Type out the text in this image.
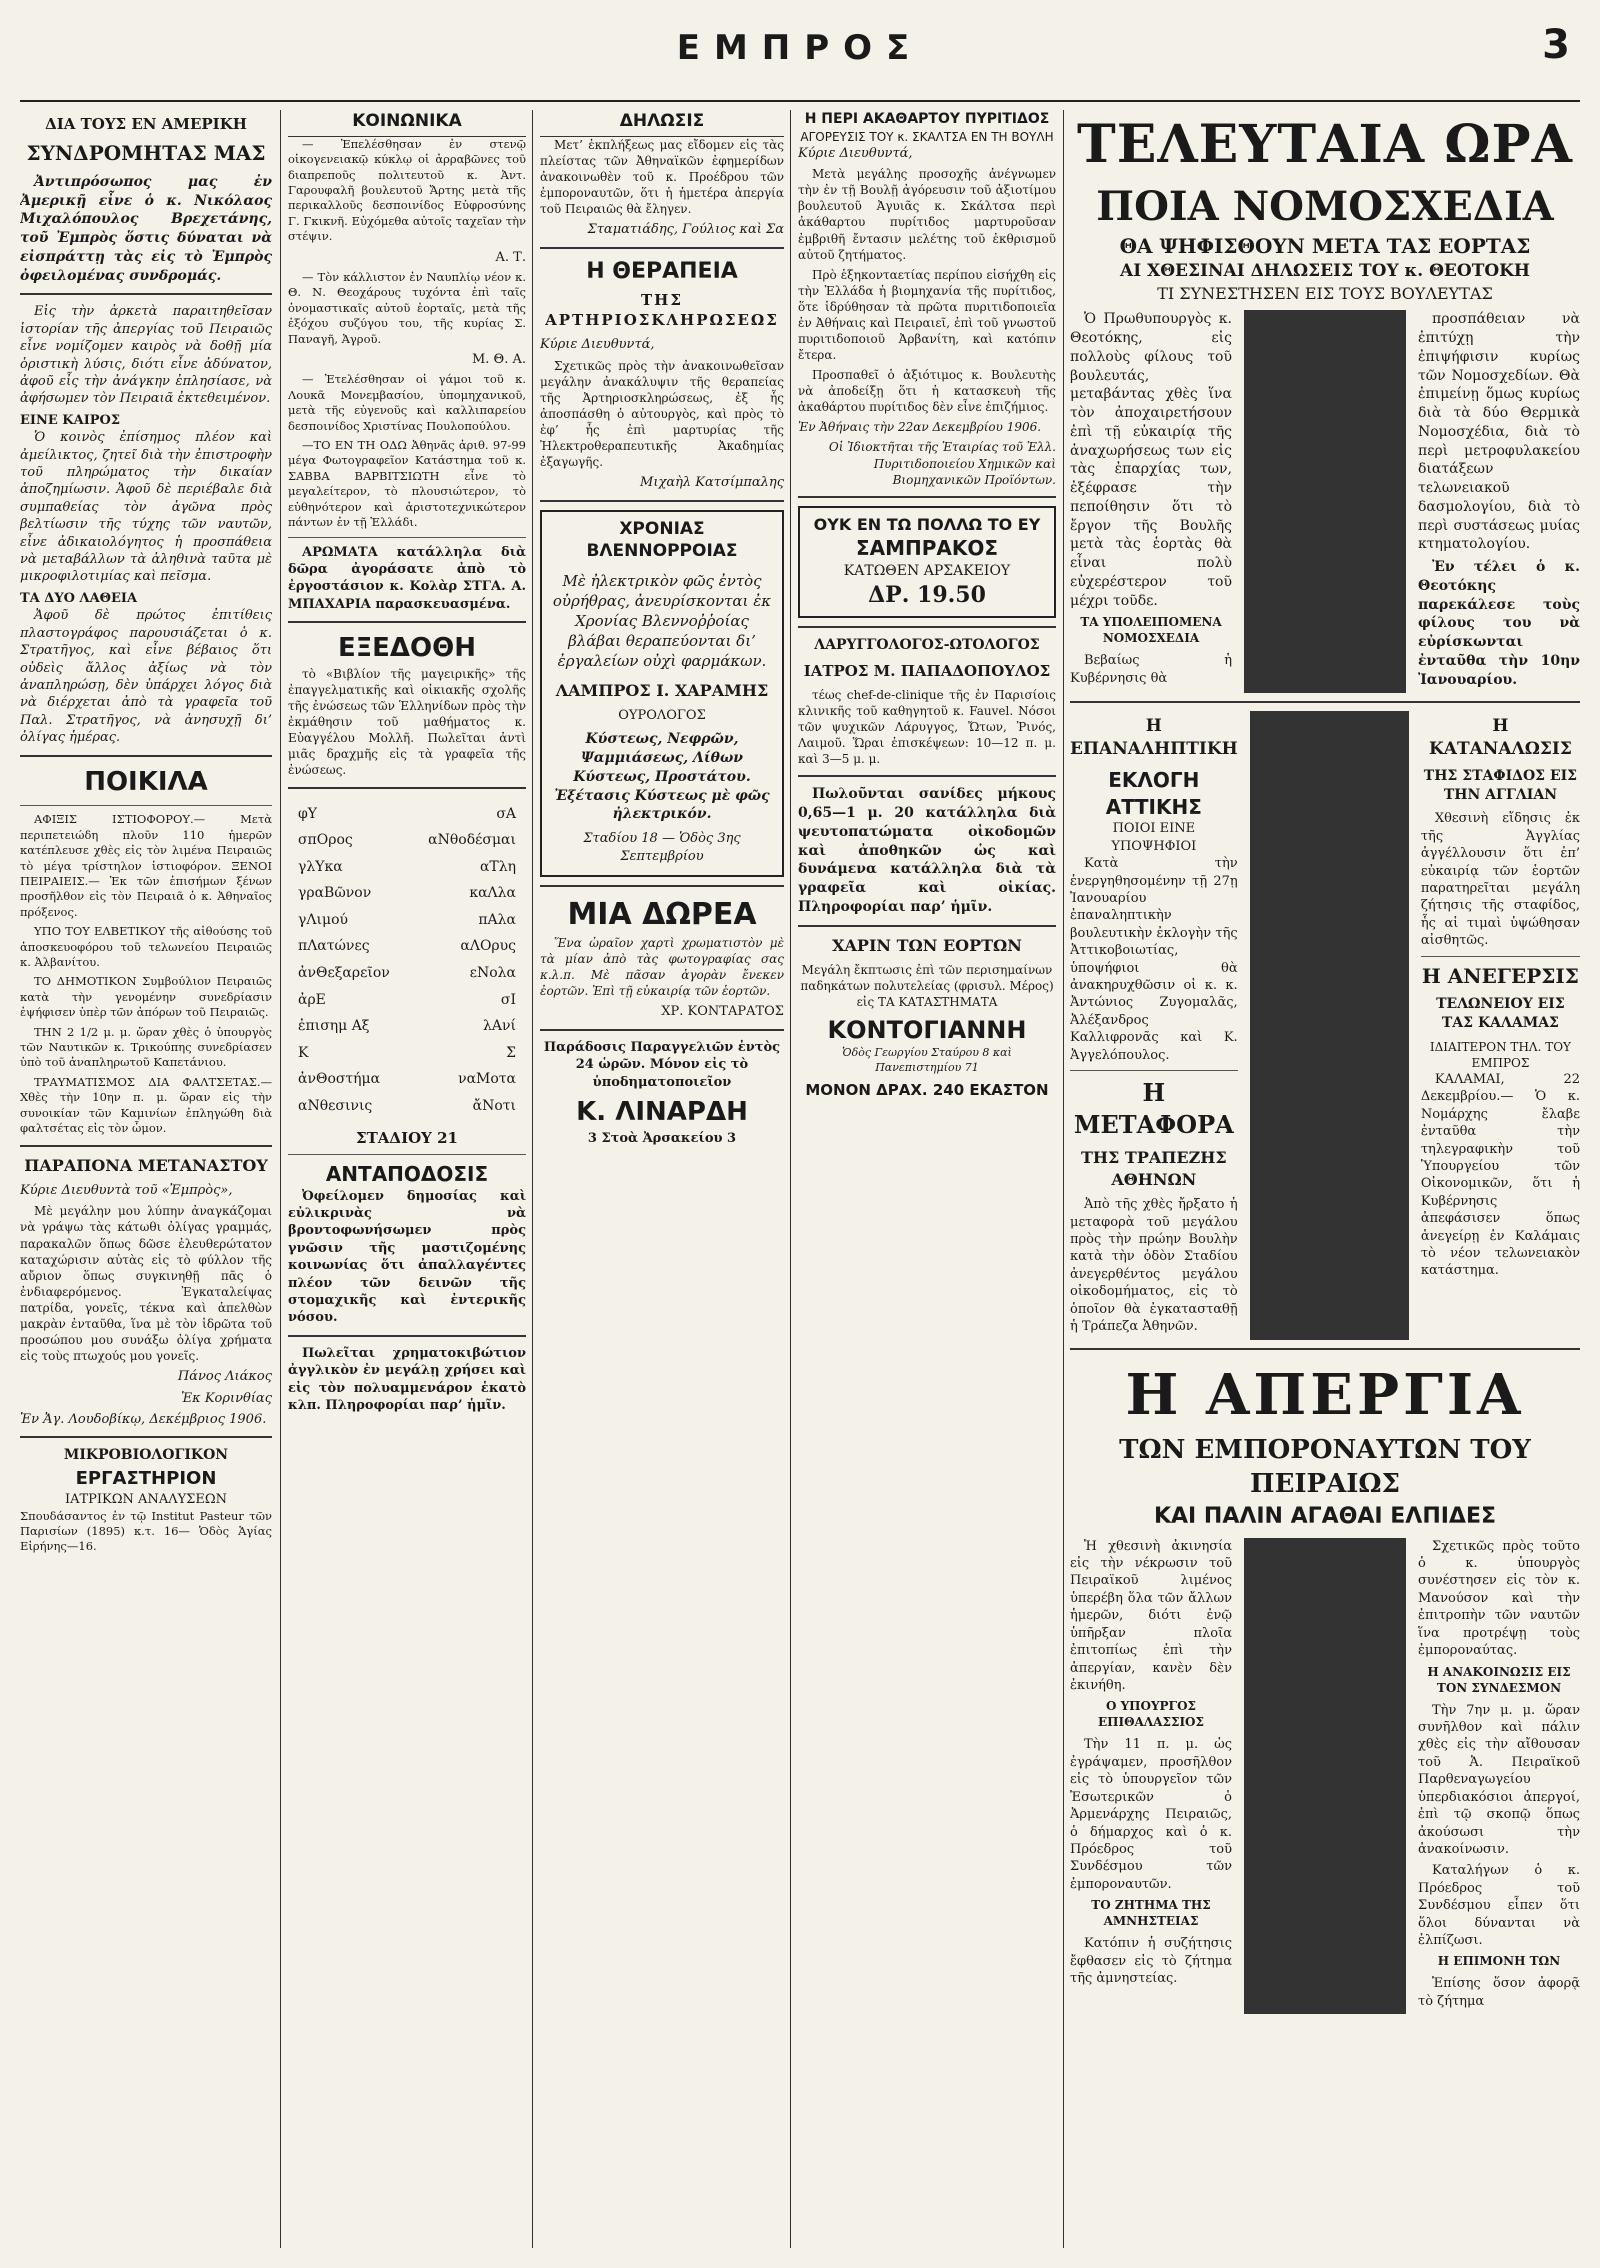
ΕΜΠΡΟΣ	3
ΔΙΑ ΤΟΥΣ ΕΝ ΑΜΕΡΙΚΗ
ΣΥΝΔΡΟΜΗΤΑΣ ΜΑΣ
Ἀντιπρόσωπος μας ἐν Ἀμερικῇ εἶνε ὁ κ. Νικόλαος Μιχαλόπουλος Βρεχετάνης, τοῦ Ἐμπρὸς ὅστις δύναται νὰ εἰσπράττῃ τὰς εἰς τὸ Ἐμπρὸς ὀφειλομένας συνδρομάς.

Εἰς τὴν ἀρκετὰ παραιτηθεῖσαν ἱστορίαν τῆς ἀπεργίας τοῦ Πειραιῶς εἶνε νομίζομεν καιρὸς νὰ δοθῇ μία ὁριστικὴ λύσις, διότι εἶνε ἀδύνατον, ἀφοῦ εἶς τὴν ἀνάγκην ἐπλησίασε, νὰ ἀφήσωμεν τὸν Πειραιᾶ ἐκτεθειμένον.

ΕΙΝΕ ΚΑΙΡΟΣ

Ὁ κοινὸς ἐπίσημος πλέον καὶ ἀμείλικτος, ζητεῖ διὰ τὴν ἐπιστροφὴν τοῦ πληρώματος τὴν δικαίαν ἀποζημίωσιν. Ἀφοῦ δὲ περιέβαλε διὰ συμπαθείας τὸν ἀγῶνα πρὸς βελτίωσιν τῆς τύχης τῶν ναυτῶν, εἶνε ἀδικαιολόγητος ἡ προσπάθεια νὰ μεταβάλλων τὰ ἀληθινὰ ταῦτα μὲ μικροφιλοτιμίας καὶ πεῖσμα.

ΤΑ ΔΥΟ ΛΑΘΕΙΑ

Ἀφοῦ δὲ πρώτος ἐπιτίθεις πλαστογράφος παρουσιάζεται ὁ κ. Στρατῆγος, καὶ εἶνε βέβαιος ὅτι οὐδεὶς ἄλλος ἀξίως νὰ τὸν ἀναπληρώσῃ, δὲν ὑπάρχει λόγος διὰ νὰ διέρχεται ἀπὸ τὰ γραφεῖα τοῦ Παλ. Στρατῆγος, νὰ ἀνησυχῇ δι’ ὀλίγας ἡμέρας.

ΠΟΙΚΙΛΑ

ΑΦΙΞΙΣ ΙΣΤΙΟΦΟΡΟΥ.— Μετὰ περιπετειώδη πλοῦν 110 ἡμερῶν κατέπλευσε χθὲς εἰς τὸν λιμένα Πειραιῶς τὸ μέγα τρίστηλον ἱστιοφόρον. ΞΕΝΟΙ ΠΕΙΡΑΙΕΙΣ.— Ἐκ τῶν ἐπισήμων ξένων προσῆλθον εἰς τὸν Πειραιᾶ ὁ κ. Ἀθηναῖος πρόξενος.

ΥΠΟ ΤΟΥ ΕΛΒΕΤΙΚΟΥ τῆς αἰθούσης τοῦ ἀποσκευοφόρου τοῦ τελωνείου Πειραιῶς κ. Ἀλβανίτου.

ΤΟ ΔΗΜΟΤΙΚΟΝ Συμβούλιον Πειραιῶς κατὰ τὴν γενομένην συνεδρίασιν ἐψήφισεν ὑπὲρ τῶν ἀπόρων τοῦ Πειραιῶς.

ΤΗΝ 2 1/2 μ. μ. ὥραν χθὲς ὁ ὑπουργὸς τῶν Ναυτικῶν κ. Τρικούπης συνεδρίασεν ὑπὸ τοῦ ἀναπληρωτοῦ Καπετάνιου.

ΤΡΑΥΜΑΤΙΣΜΟΣ ΔΙΑ ΦΑΛΤΣΕΤΑΣ.— Χθὲς τὴν 10ην π. μ. ὥραν εἰς τὴν συνοικίαν τῶν Καμινίων ἐπληγώθη διὰ φαλτσέτας εἰς τὸν ὦμον.

ΠΑΡΑΠΟΝΑ ΜΕΤΑΝΑΣΤΟΥ

Κύριε Διευθυντὰ τοῦ «Ἐμπρὸς»,

Μὲ μεγάλην μου λύπην ἀναγκάζομαι νὰ γράψω τὰς κάτωθι ὀλίγας γραμμάς, παρακαλῶν ὅπως δῶσε ἐλευθερώτατον καταχώρισιν αὐτὰς εἰς τὸ φύλλον τῆς αὔριον ὅπως συγκινηθῇ πᾶς ὁ ἐνδιαφερόμενος. Ἐγκαταλείψας πατρίδα, γονεῖς, τέκνα καὶ ἀπελθὼν μακρὰν ἐνταῦθα, ἵνα μὲ τὸν ἱδρῶτα τοῦ προσώπου μου συνάξω ὀλίγα χρήματα εἰς τοὺς πτωχούς μου γονεῖς.

Πάνος Λιάκος

Ἐκ Κορινθίας

Ἐν Ἀγ. Λουδοβίκῳ, Δεκέμβριος 1906.

ΜΙΚΡΟΒΙΟΛΟΓΙΚΟΝ
ΕΡΓΑΣΤΗΡΙΟΝ
ΙΑΤΡΙΚΩΝ ΑΝΑΛΥΣΕΩΝ

Σπουδάσαντος ἐν τῷ Institut Pasteur τῶν Παρισίων (1895) κ.τ. 16— Ὁδὸς Ἁγίας Εἰρήνης—16.

ΚΟΙΝΩΝΙΚΑ

— Ἐπελέσθησαν ἐν στενῷ οἰκογενειακῷ κύκλῳ οἱ ἀρραβῶνες τοῦ διαπρεποῦς πολιτευτοῦ κ. Ἀντ. Γαρουφαλῆ βουλευτοῦ Ἄρτης μετὰ τῆς περικαλλοῦς δεσποινίδος Εὐφροσύνης Γ. Γκικνῆ. Εὐχόμεθα αὐτοῖς ταχεῖαν τὴν στέψιν.

Α. Τ.

— Τὸν κάλλιστον ἐν Ναυπλίῳ νέον κ. Θ. Ν. Θεοχάρους τυχόντα ἐπὶ ταῖς ὀνομαστικαῖς αὐτοῦ ἑορταῖς, μετὰ τῆς ἐξόχου συζύγου του, τῆς κυρίας Σ. Παναγῆ, Ἀγροῦ.

Μ. Θ. Α.

— Ἐτελέσθησαν οἱ γάμοι τοῦ κ. Λουκᾶ Μονεμβασίου, ὑπομηχανικοῦ, μετὰ τῆς εὐγενοῦς καὶ καλλιπαρείου δεσποινίδος Χριστίνας Πουλοπούλου.

—ΤΟ ΕΝ ΤΗ ΟΔΩ Ἀθηνᾶς ἀριθ. 97-99 μέγα Φωτογραφεῖον Κατάστημα τοῦ κ. ΣΑΒΒΑ ΒΑΡΒΙΤΣΙΩΤΗ εἶνε τὸ μεγαλείτερον, τὸ πλουσιώτερον, τὸ εὐθηνότερον καὶ ἀριστοτεχνικώτερον πάντων ἐν τῇ Ἑλλάδι.

ΑΡΩΜΑΤΑ κατάλληλα διὰ δῶρα ἀγοράσατε ἀπὸ τὸ ἐργοστάσιον κ. Κολὰρ ΣΤΓΑ. Α. ΜΠΑΧΑΡΙΑ παρασκευασμένα.

ΕΞΕΔΟΘΗ

τὸ «Βιβλίον τῆς μαγειρικῆς» τῆς ἐπαγγελματικῆς καὶ οἰκιακῆς σχολῆς τῆς ἐνώσεως τῶν Ἑλληνίδων πρὸς τὴν ἐκμάθησιν τοῦ μαθήματος κ. Εὐαγγέλου Μολλῆ. Πωλεῖται ἀντὶ μιᾶς δραχμῆς εἰς τὰ γραφεῖα τῆς ἐνώσεως.

φΥ	σΑ
σπΟρος	αΝθοδέσμαι
γλΥκα	αΤλη
γραΒῶνον	καΛλα
γΛιμού	πΑλα
πΛατώνες	αΛΟρυς
ἀνΘεξαρεῖον	εΝολα
ἀρΕ	σΙ
ἐπισημ Αξ	λΑνί
Κ	Σ
ἀνΘοστήμα	ναΜοτα
αΝθεσινις	ἄΝοτι
ΣΤΑΔΙΟΥ 21
ΑΝΤΑΠΟΔΟΣΙΣ

Ὀφείλομεν δημοσίας καὶ εὐλικρινὰς νὰ βροντοφωνήσωμεν πρὸς γνῶσιν τῆς μαστιζομένης κοινωνίας ὅτι ἀπαλλαγέντες πλέον τῶν δεινῶν τῆς στομαχικῆς καὶ ἐντερικῆς νόσου.

Πωλεῖται χρηματοκιβώτιον ἀγγλικὸν ἐν μεγάλῃ χρήσει καὶ εἰς τὸν πολυαμμενάρον ἑκατὸ κλπ. Πληροφορίαι παρ’ ἡμῖν.

ΔΗΛΩΣΙΣ

Μετ’ ἐκπλήξεως μας εἴδομεν εἰς τὰς πλείστας τῶν Ἀθηναϊκῶν ἐφημερίδων ἀνακοινωθὲν τοῦ κ. Προέδρου τῶν ἐμποροναυτῶν, ὅτι ἡ ἡμετέρα ἀπεργία τοῦ Πειραιῶς θὰ ἔληγεν.

Σταματιάδης, Γούλιος καὶ Σα

Η ΘΕΡΑΠΕΙΑ
ΤΗΣ ΑΡΤΗΡΙΟΣΚΛΗΡΩΣΕΩΣ

Κύριε Διευθυντά,

Σχετικῶς πρὸς τὴν ἀνακοινωθεῖσαν μεγάλην ἀνακάλυψιν τῆς θεραπείας τῆς Ἀρτηριοσκληρώσεως, ἐξ ἧς ἀποσπάσθη ὁ αὐτουργὸς, καὶ πρὸς τὸ ἐφ’ ἧς ἐπὶ μαρτυρίας τῆς Ἠλεκτροθεραπευτικῆς Ἀκαδημίας ἐξαγωγῆς.

Μιχαὴλ Κατσίμπαλης

ΧΡΟΝΙΑΣ
ΒΛΕΝΝΟΡΡΟΙΑΣ

Μὲ ἠλεκτρικὸν φῶς ἐντὸς οὐρήθρας, ἀνευρίσκονται ἐκ Χρονίας Βλεννοῤῥοίας βλάβαι θεραπεύονται δι’ ἐργαλείων οὐχὶ φαρμάκων.

ΛΑΜΠΡΟΣ Ι. ΧΑΡΑΜΗΣ
ΟΥΡΟΛΟΓΟΣ

Κύστεως, Νεφρῶν, Ψαμμιάσεως, Λίθων Κύστεως, Προστάτου. Ἐξέτασις Κύστεως μὲ φῶς ἠλεκτρικόν.

Σταδίου 18 — Ὁδὸς 3ης Σεπτεμβρίου

ΜΙΑ ΔΩΡΕΑ

Ἕνα ὡραῖον χαρτὶ χρωματιστὸν μὲ τὰ μίαν ἀπὸ τὰς φωτογραφίας σας κ.λ.π. Μὲ πᾶσαν ἀγορὰν ἔνεκεν ἐορτῶν. Ἐπὶ τῇ εὐκαιρίᾳ τῶν ἑορτῶν.

ΧΡ. ΚΟΝΤΑΡΑΤΟΣ

Παράδοσις Παραγγελιῶν ἐντὸς 24 ὡρῶν. Μόνον εἰς τὸ ὑποδηματοποιεῖον

Κ. ΛΙΝΑΡΔΗ

3 Στοὰ Ἀρσακείου 3

Η ΠΕΡΙ ΑΚΑΘΑΡΤΟΥ ΠΥΡΙΤΙΔΟΣ
ΑΓΟΡΕΥΣΙΣ ΤΟΥ κ. ΣΚΑΛΤΣΑ ΕΝ ΤΗ ΒΟΥΛΗ

Κύριε Διευθυντά,

Μετὰ μεγάλης προσοχῆς ἀνέγνωμεν τὴν ἐν τῇ Βουλῇ ἀγόρευσιν τοῦ ἀξιοτίμου βουλευτοῦ Ἀγυιᾶς κ. Σκάλτσα περὶ ἀκάθαρτου πυρίτιδος μαρτυροῦσαν ἐμβριθῆ ἔντασιν μελέτης τοῦ ἐκθρισμοῦ αὐτοῦ ζητήματος.

Πρὸ ἑξηκονταετίας περίπου εἰσήχθη εἰς τὴν Ἑλλάδα ἡ βιομηχανία τῆς πυρίτιδος, ὅτε ἱδρύθησαν τὰ πρῶτα πυριτιδοποιεῖα ἐν Ἀθήναις καὶ Πειραιεῖ, ἐπὶ τοῦ γνωστοῦ πυριτιδοποιοῦ Ἀρβανίτη, καὶ κατόπιν ἔτερα.

Προσπαθεῖ ὁ ἀξιότιμος κ. Βουλευτὴς νὰ ἀποδείξῃ ὅτι ἡ κατασκευὴ τῆς ἀκαθάρτου πυρίτιδος δὲν εἶνε ἐπιζήμιος.

Ἐν Ἀθήναις τὴν 22αν Δεκεμβρίου 1906.

Οἱ Ἰδιοκτῆται τῆς Ἑταιρίας τοῦ Ἑλλ. Πυριτιδοποιείου Χημικῶν καὶ Βιομηχανικῶν Προϊόντων.

ΟΥΚ ΕΝ ΤΩ ΠΟΛΛΩ ΤΟ ΕΥ
ΣΑΜΠΡΑΚΟΣ
ΚΑΤΩΘΕΝ ΑΡΣΑΚΕΙΟΥ
ΔΡ. 19.50
ΛΑΡΥΓΓΟΛΟΓΟΣ-ΩΤΟΛΟΓΟΣ
ΙΑΤΡΟΣ Μ. ΠΑΠΑΔΟΠΟΥΛΟΣ

τέως chef-de-clinique τῆς ἐν Παρισίοις κλινικῆς τοῦ καθηγητοῦ κ. Fauvel. Νόσοι τῶν ψυχικῶν Λάρυγγος, Ὤτων, Ῥινός, Λαιμοῦ. Ὥραι ἐπισκέψεων: 10—12 π. μ. καὶ 3—5 μ. μ.

Πωλοῦνται σανίδες μήκους 0,65—1 μ. 20 κατάλληλα διὰ ψευτοπατώματα οἰκοδομῶν καὶ ἀποθηκῶν ὡς καὶ δυνάμενα κατάλληλα διὰ τὰ γραφεῖα καὶ οἰκίας. Πληροφορίαι παρ’ ἡμῖν.

ΧΑΡΙΝ ΤΩΝ ΕΟΡΤΩΝ

Μεγάλη ἔκπτωσις ἐπὶ τῶν περισημαίνων παδηκάτων πολυτελείας (φρισυλ. Μέρος) εἰς ΤΑ ΚΑΤΑΣΤΗΜΑΤΑ

ΚΟΝΤΟΓΙΑΝΝΗ

Ὁδὸς Γεωργίου Σταύρου 8 καὶ Πανεπιστημίου 71

ΜΟΝΟΝ ΔΡΑΧ. 240 ΕΚΑΣΤΟΝ
ΤΕΛΕΥΤΑΙΑ ΩΡΑ
ΠΟΙΑ ΝΟΜΟΣΧΕΔΙΑ
ΘΑ ΨΗΦΙΣΘΟΥΝ ΜΕΤΑ ΤΑΣ ΕΟΡΤΑΣ
ΑΙ ΧΘΕΣΙΝΑΙ ΔΗΛΩΣΕΙΣ ΤΟΥ κ. ΘΕΟΤΟΚΗ
ΤΙ ΣΥΝΕΣΤΗΣΕΝ ΕΙΣ ΤΟΥΣ ΒΟΥΛΕΥΤΑΣ

Ὁ Πρωθυπουργὸς κ. Θεοτόκης, εἰς πολλοὺς φίλους τοῦ βουλευτάς, μεταβάντας χθὲς ἵνα τὸν ἀποχαιρετήσουν ἐπὶ τῇ εὐκαιρίᾳ τῆς ἀναχωρήσεως των εἰς τὰς ἐπαρχίας των, ἐξέφρασε τὴν πεποίθησιν ὅτι τὸ ἔργον τῆς Βουλῆς μετὰ τὰς ἑορτὰς θὰ εἶναι πολὺ εὐχερέστερον τοῦ μέχρι τοῦδε.

ΤΑ ΥΠΟΛΕΙΠΟΜΕΝΑ ΝΟΜΟΣΧΕΔΙΑ

Βεβαίως ἡ Κυβέρνησις θὰ

προσπάθειαν νὰ ἐπιτύχῃ τὴν ἐπιψήφισιν κυρίως τῶν Νομοσχεδίων. Θὰ ἐπιμείνῃ ὅμως κυρίως διὰ τὰ δύο Θερμικὰ Νομοσχέδια, διὰ τὸ περὶ μετροφυλακείου διατάξεων τελωνειακοῦ δασμολογίου, διὰ τὸ περὶ συστάσεως μυίας κτηματολογίου.

Ἐν τέλει ὁ κ. Θεοτόκης παρεκάλεσε τοὺς φίλους του νὰ εὐρίσκωνται ἐνταῦθα τὴν 10ην Ἰανουαρίου.

Η ΕΠΑΝΑΛΗΠΤΙΚΗ
ΕΚΛΟΓΗ ΑΤΤΙΚΗΣ
ΠΟΙΟΙ ΕΙΝΕ ΥΠΟΨΗΦΙΟΙ

Κατὰ τὴν ἐνεργηθησομένην τῇ 27ῃ Ἰανουαρίου ἐπαναληπτικὴν βουλευτικὴν ἐκλογὴν τῆς Ἀττικοβοιωτίας, ὑποψήφιοι θὰ ἀνακηρυχθῶσιν οἱ κ. κ. Ἀντώνιος Ζυγομαλᾶς, Ἀλέξανδρος Καλλιφρονᾶς καὶ Κ. Ἀγγελόπουλος.

Η ΜΕΤΑΦΟΡΑ
ΤΗΣ ΤΡΑΠΕΖΗΣ ΑΘΗΝΩΝ

Ἀπὸ τῆς χθὲς ἤρξατο ἡ μεταφορὰ τοῦ μεγάλου πρὸς τὴν πρώην Βουλὴν κατὰ τὴν ὁδὸν Σταδίου ἀνεγερθέντος μεγάλου οἰκοδομήματος, εἰς τὸ ὁποῖον θὰ ἐγκατασταθῇ ἡ Τράπεζα Ἀθηνῶν.

Η ΚΑΤΑΝΑΛΩΣΙΣ
ΤΗΣ ΣΤΑΦΙΔΟΣ ΕΙΣ ΤΗΝ ΑΓΓΛΙΑΝ

Χθεσινὴ εἴδησις ἐκ τῆς Ἀγγλίας ἀγγέλλουσιν ὅτι ἐπ’ εὐκαιρίᾳ τῶν ἑορτῶν παρατηρεῖται μεγάλη ζήτησις τῆς σταφίδος, ἧς αἱ τιμαὶ ὑψώθησαν αἰσθητῶς.

Η ΑΝΕΓΕΡΣΙΣ
ΤΕΛΩΝΕΙΟΥ ΕΙΣ ΤΑΣ ΚΑΛΑΜΑΣ
ΙΔΙΑΙΤΕΡΟΝ ΤΗΛ. ΤΟΥ ΕΜΠΡΟΣ

ΚΑΛΑΜΑΙ, 22 Δεκεμβρίου.— Ὁ κ. Νομάρχης ἔλαβε ἐνταῦθα τὴν τηλεγραφικὴν τοῦ Ὑπουργείου τῶν Οἰκονομικῶν, ὅτι ἡ Κυβέρνησις ἀπεφάσισεν ὅπως ἀνεγείρῃ ἐν Καλάμαις τὸ νέον τελωνειακὸν κατάστημα.

Η ΑΠΕΡΓΙΑ
ΤΩΝ ΕΜΠΟΡΟΝΑΥΤΩΝ ΤΟΥ ΠΕΙΡΑΙΩΣ
ΚΑΙ ΠΑΛΙΝ ΑΓΑΘΑΙ ΕΛΠΙΔΕΣ

Ἡ χθεσινὴ ἀκινησία εἰς τὴν νέκρωσιν τοῦ Πειραϊκοῦ λιμένος ὑπερέβη ὅλα τῶν ἄλλων ἡμερῶν, διότι ἐνῷ ὑπῆρξαν πλοῖα ἐπιτοπίως ἐπὶ τὴν ἀπεργίαν, κανὲν δὲν ἐκινήθη.

Ο ΥΠΟΥΡΓΟΣ ΕΠΙΘΑΛΑΣΣΙΟΣ

Τὴν 11 π. μ. ὡς ἐγράψαμεν, προσῆλθον εἰς τὸ ὑπουργεῖον τῶν Ἐσωτερικῶν ὁ Ἀρμενάρχης Πειραιῶς, ὁ δήμαρχος καὶ ὁ κ. Πρόεδρος τοῦ Συνδέσμου τῶν ἐμποροναυτῶν.

ΤΟ ΖΗΤΗΜΑ ΤΗΣ ΑΜΝΗΣΤΕΙΑΣ

Κατόπιν ἡ συζήτησις ἔφθασεν εἰς τὸ ζήτημα τῆς ἀμνηστείας.

Σχετικῶς πρὸς τοῦτο ὁ κ. ὑπουργὸς συνέστησεν εἰς τὸν κ. Μανούσον καὶ τὴν ἐπιτροπὴν τῶν ναυτῶν ἵνα προτρέψῃ τοὺς ἐμποροναύτας.

Η ΑΝΑΚΟΙΝΩΣΙΣ ΕΙΣ ΤΟΝ ΣΥΝΔΕΣΜΟΝ

Τὴν 7ην μ. μ. ὥραν συνῆλθον καὶ πάλιν χθὲς εἰς τὴν αἴθουσαν τοῦ Ἀ. Πειραϊκοῦ Παρθεναγωγείου ὑπερδιακόσιοι ἀπεργοί, ἐπὶ τῷ σκοπῷ ὅπως ἀκούσωσι τὴν ἀνακοίνωσιν.

Καταλήγων ὁ κ. Πρόεδρος τοῦ Συνδέσμου εἶπεν ὅτι ὅλοι δύνανται νὰ ἐλπίζωσι.

Η ΕΠΙΜΟΝΗ ΤΩΝ

Ἐπίσης ὅσον ἀφορᾷ τὸ ζήτημα
